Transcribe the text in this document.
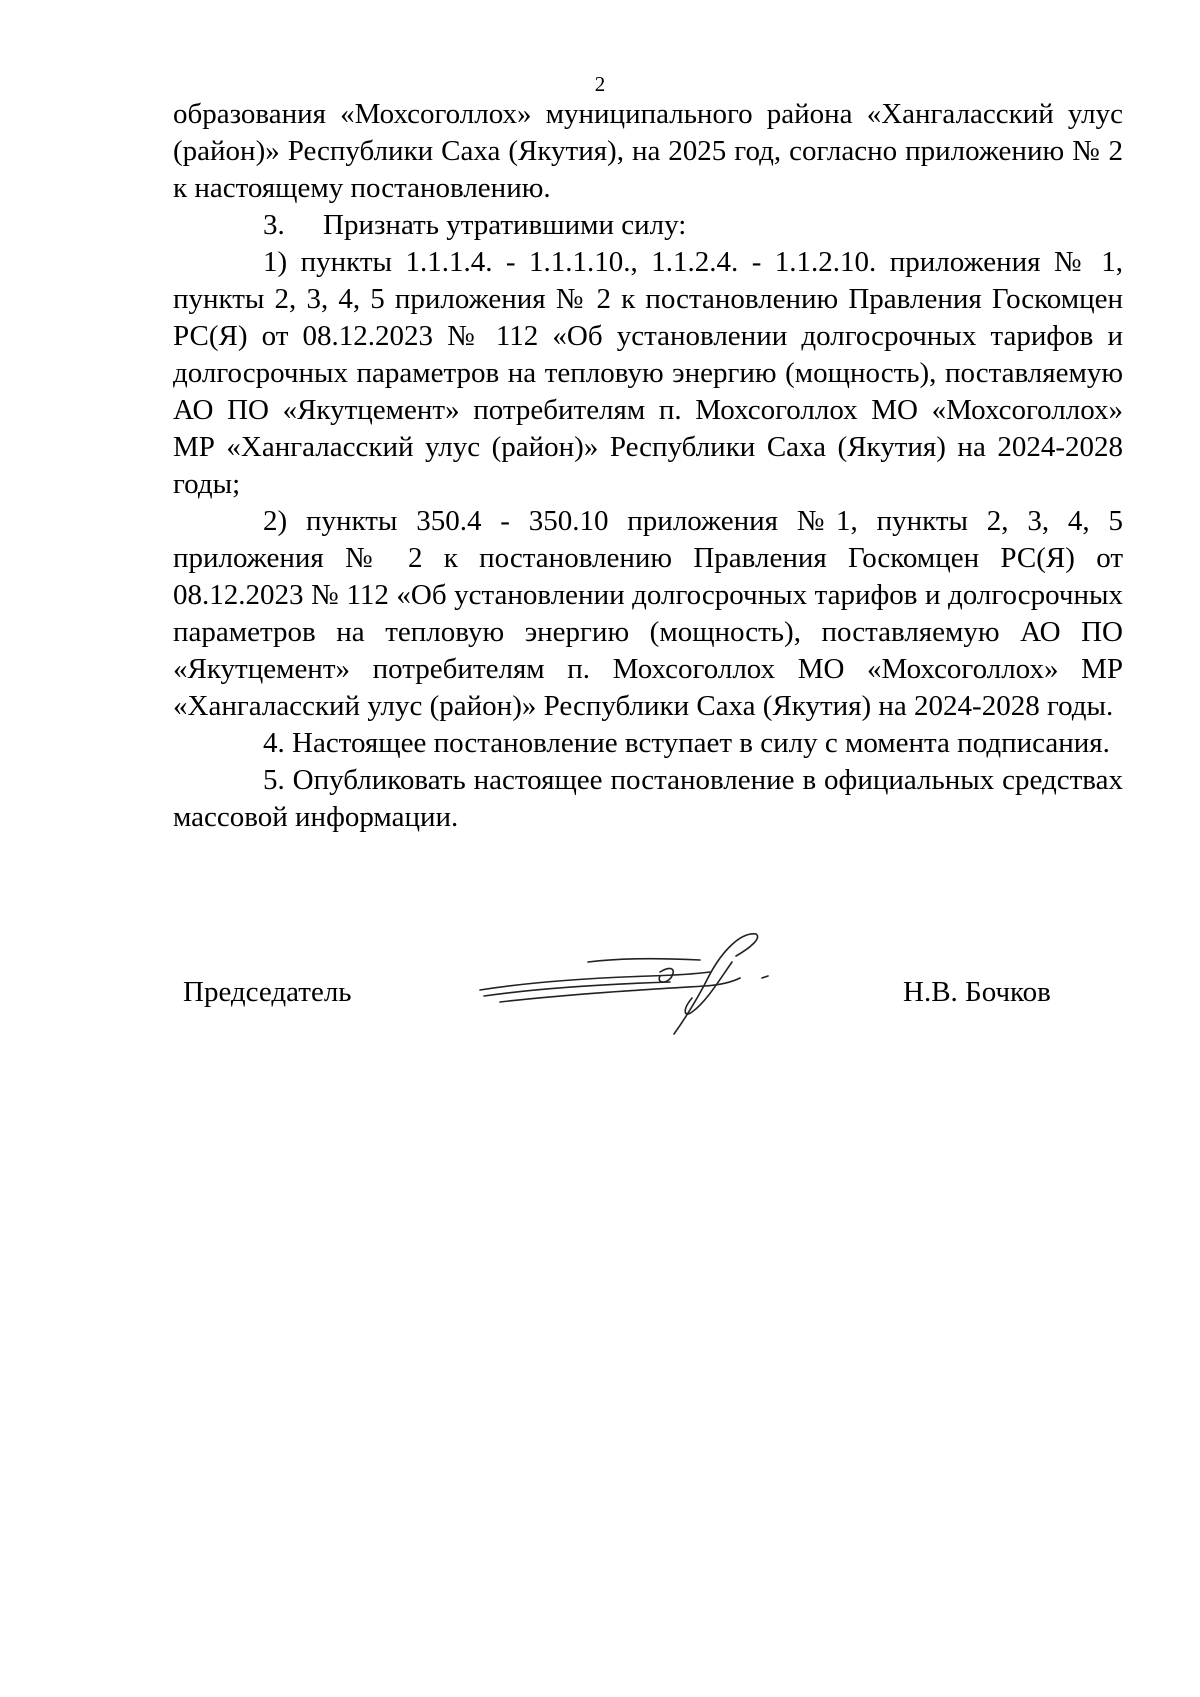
2

образования «Мохсоголлох» муниципального района «Хангаласский улус (район)» Республики Саха (Якутия), на 2025 год, согласно приложению № 2 к настоящему постановлению.

3. Признать утратившими силу:

1) пункты 1.1.1.4. - 1.1.1.10., 1.1.2.4. - 1.1.2.10. приложения № 1, пункты 2, 3, 4, 5 приложения № 2 к постановлению Правления Госкомцен РС(Я) от 08.12.2023 № 112 «Об установлении долгосрочных тарифов и долгосрочных параметров на тепловую энергию (мощность), поставляемую АО ПО «Якутцемент» потребителям п. Мохсоголлох МО «Мохсоголлох» МР «Хангаласский улус (район)» Республики Саха (Якутия) на 2024-2028 годы;

2) пункты 350.4 - 350.10 приложения №1, пункты 2, 3, 4, 5 приложения № 2 к постановлению Правления Госкомцен РС(Я) от 08.12.2023 № 112 «Об установлении долгосрочных тарифов и долгосрочных параметров на тепловую энергию (мощность), поставляемую АО ПО «Якутцемент» потребителям п. Мохсоголлох МО «Мохсоголлох» МР «Хангаласский улус (район)» Республики Саха (Якутия) на 2024-2028 годы.

4. Настоящее постановление вступает в силу с момента подписания.

5. Опубликовать настоящее постановление в официальных средствах массовой информации.

Председатель	Н.В. Бочков
